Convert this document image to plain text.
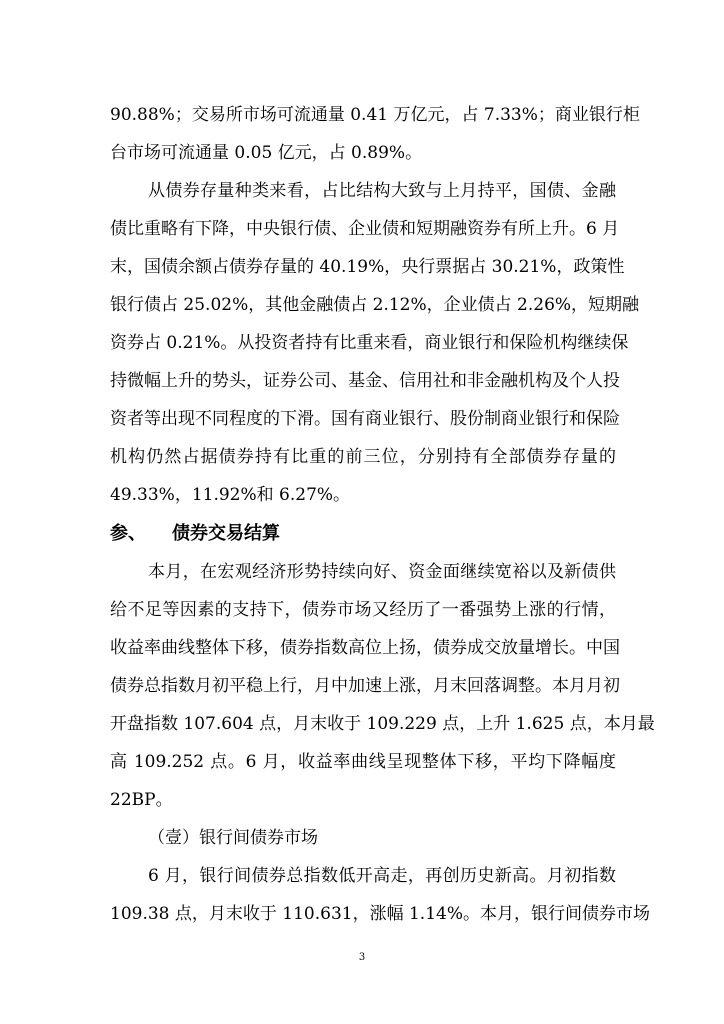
90.88%；交易所市场可流通量 0.41 万亿元，占 7.33%；商业银行柜
台市场可流通量 0.05 亿元，占 0.89%。
从债券存量种类来看，占比结构大致与上月持平，国债、金融
债比重略有下降，中央银行债、企业债和短期融资券有所上升。6 月
末，国债余额占债券存量的 40.19%，央行票据占 30.21%，政策性
银行债占 25.02%，其他金融债占 2.12%，企业债占 2.26%，短期融
资券占 0.21%。从投资者持有比重来看，商业银行和保险机构继续保
持微幅上升的势头，证券公司、基金、信用社和非金融机构及个人投
资者等出现不同程度的下滑。国有商业银行、股份制商业银行和保险
机构仍然占据债券持有比重的前三位，分别持有全部债券存量的
49.33%，11.92%和 6.27%。
参、 债券交易结算
本月，在宏观经济形势持续向好、资金面继续宽裕以及新债供
给不足等因素的支持下，债券市场又经历了一番强势上涨的行情，
收益率曲线整体下移，债券指数高位上扬，债券成交放量增长。中国
债券总指数月初平稳上行，月中加速上涨，月末回落调整。本月月初
开盘指数 107.604 点，月末收于 109.229 点，上升 1.625 点，本月最
高 109.252 点。6 月，收益率曲线呈现整体下移，平均下降幅度
22BP。
（壹）银行间债券市场
6 月，银行间债券总指数低开高走，再创历史新高。月初指数
109.38 点，月末收于 110.631，涨幅 1.14%。本月，银行间债券市场
3
